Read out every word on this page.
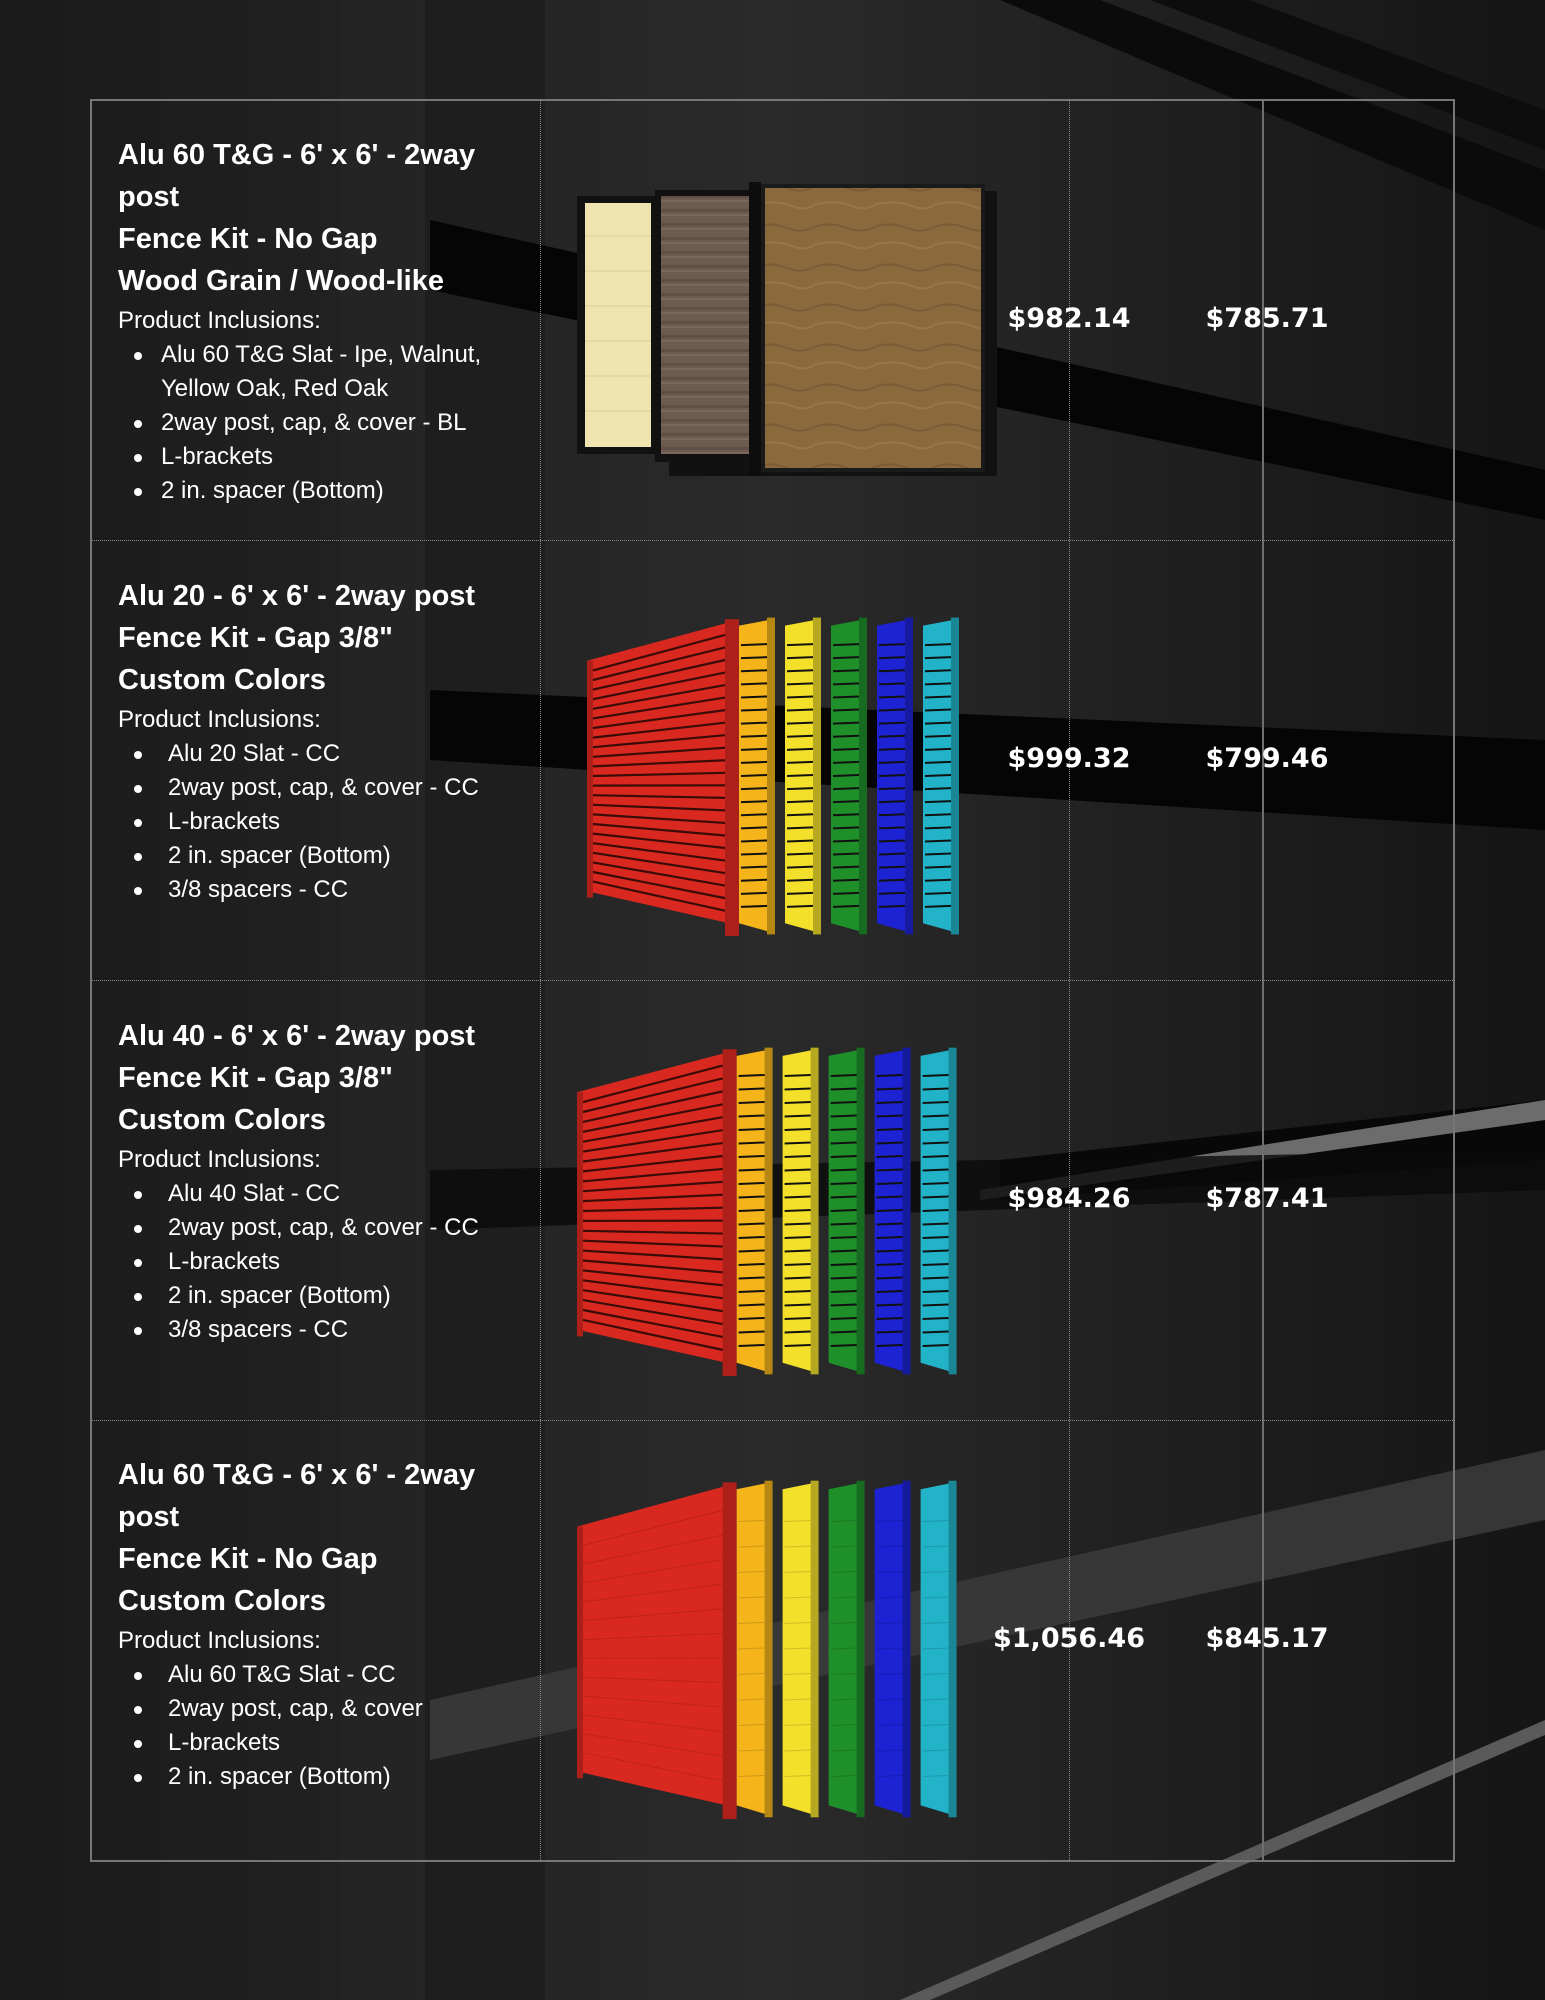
Alu 60 T&G - 6' x 6' - 2way
post
Fence Kit - No Gap
Wood Grain / Wood-like
Product Inclusions:
Alu 60 T&G Slat - Ipe, Walnut,
Yellow Oak, Red Oak
2way post, cap, & cover - BL
L-brackets
2 in. spacer (Bottom)
$982.14	$785.71
Alu 20 - 6' x 6' - 2way post
Fence Kit - Gap 3/8"
Custom Colors
Product Inclusions:
Alu 20 Slat - CC
2way post, cap, & cover - CC
L-brackets
2 in. spacer (Bottom)
3/8 spacers - CC
$999.32	$799.46
Alu 40 - 6' x 6' - 2way post
Fence Kit - Gap 3/8"
Custom Colors
Product Inclusions:
Alu 40 Slat - CC
2way post, cap, & cover - CC
L-brackets
2 in. spacer (Bottom)
3/8 spacers - CC
$984.26	$787.41
Alu 60 T&G - 6' x 6' - 2way
post
Fence Kit - No Gap
Custom Colors
Product Inclusions:
Alu 60 T&G Slat - CC
2way post, cap, & cover
L-brackets
2 in. spacer (Bottom)
$1,056.46	$845.17
